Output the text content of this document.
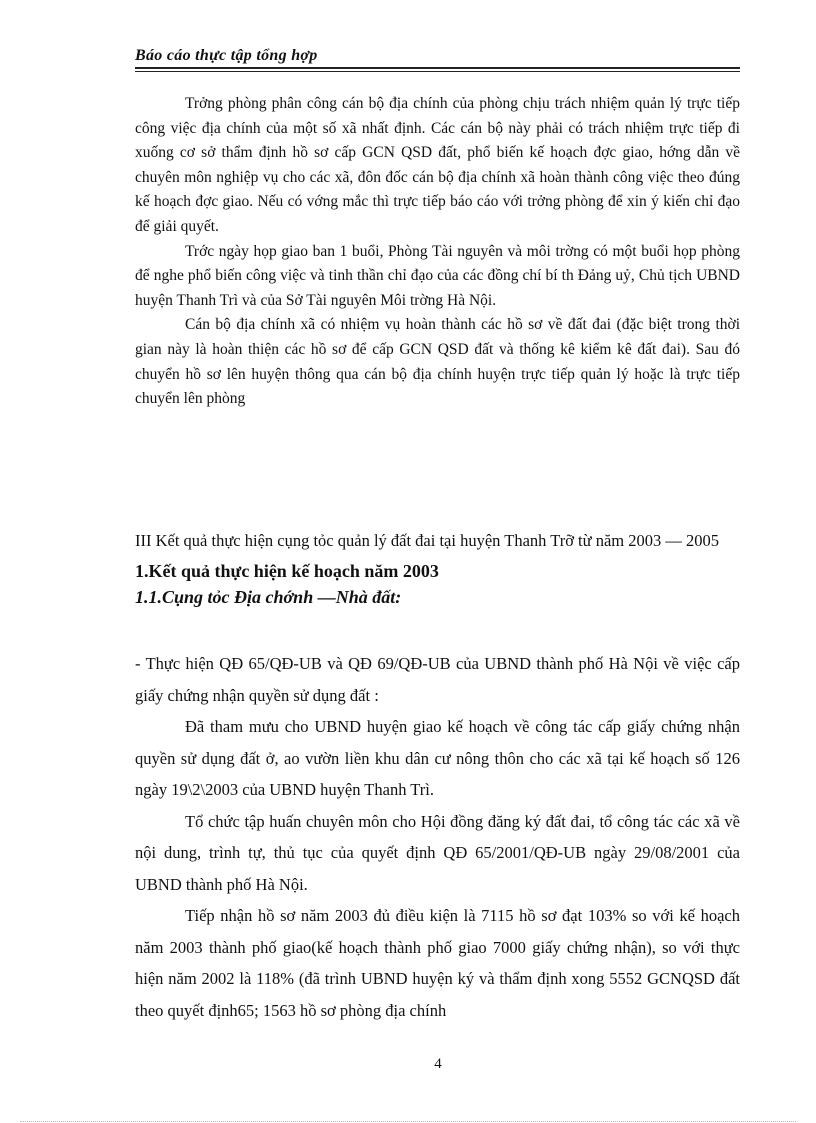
Báo cáo thực tập tổng hợp

Trởng phòng phân công cán bộ địa chính của phòng chịu trách nhiệm quản lý trực tiếp công việc địa chính của một số xã nhất định. Các cán bộ này phải có trách nhiệm trực tiếp đi xuống cơ sở thẩm định hồ sơ cấp GCN QSD đất, phổ biến kế hoạch đợc giao, hớng dẫn về chuyên môn nghiệp vụ cho các xã, đôn đốc cán bộ địa chính xã hoàn thành công việc theo đúng kế hoạch đợc giao. Nếu có vớng mắc thì trực tiếp báo cáo với trởng phòng để xin ý kiến chỉ đạo để giải quyết.

Trớc ngày họp giao ban 1 buổi, Phòng Tài nguyên và môi trờng có một buổi họp phòng để nghe phổ biến công việc và tinh thần chỉ đạo của các đồng chí bí th Đảng uỷ, Chủ tịch UBND huyện Thanh Trì và của Sở Tài nguyên Môi trờng Hà Nội.

Cán bộ địa chính xã có nhiệm vụ hoàn thành các hồ sơ về đất đai (đặc biệt trong thời gian này là hoàn thiện các hồ sơ để cấp GCN QSD đất và thống kê kiểm kê đất đai). Sau đó chuyển hồ sơ lên huyện thông qua cán bộ địa chính huyện trực tiếp quản lý hoặc là trực tiếp chuyển lên phòng

III Kết quả thực hiện cụng tỏc quản lý đất đai tại huyện Thanh Trỡ từ năm 2003 — 2005

1.Kết quả thực hiện kế hoạch năm 2003

1.1.Cụng tỏc Địa chớnh —Nhà đất:

- Thực hiện QĐ 65/QĐ-UB và QĐ 69/QĐ-UB của UBND thành phố Hà Nội về việc cấp giấy chứng nhận quyền sử dụng đất :

Đã tham mưu cho UBND huyện giao kế hoạch về công tác cấp giấy chứng nhận quyền sử dụng đất ở, ao vườn liền khu dân cư nông thôn cho các xã tại kế hoạch số 126 ngày 19\2\2003 của UBND huyện Thanh Trì.

Tổ chức tập huấn chuyên môn cho Hội đồng đăng ký đất đai, tổ công tác các xã về nội dung, trình tự, thủ tục của quyết định QĐ 65/2001/QĐ-UB ngày 29/08/2001 của UBND thành phố Hà Nội.

Tiếp nhận hồ sơ năm 2003 đủ điều kiện là 7115 hồ sơ đạt 103% so với kế hoạch năm 2003 thành phố giao(kế hoạch thành phố giao 7000 giấy chứng nhận), so với thực hiện năm 2002 là 118% (đã trình UBND huyện ký và thẩm định xong 5552 GCNQSD đất theo quyết định65; 1563 hồ sơ phòng địa chính

4
